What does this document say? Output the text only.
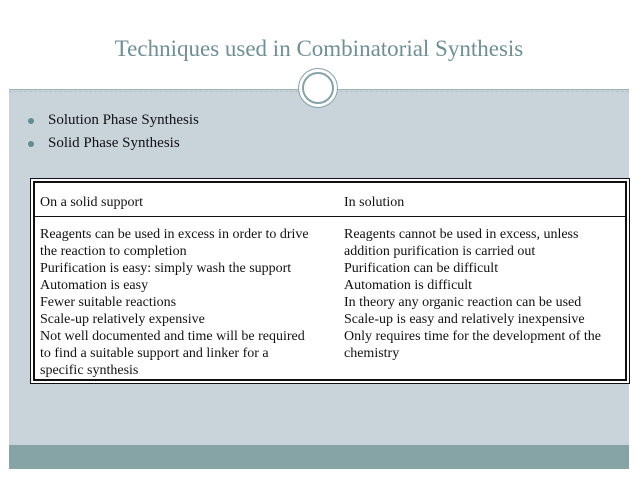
Techniques used in Combinatorial Synthesis
Solution Phase Synthesis
Solid Phase Synthesis
On a solid support
Reagents can be used in excess in order to drive
the reaction to completion
Purification is easy: simply wash the support
Automation is easy
Fewer suitable reactions
Scale-up relatively expensive
Not well documented and time will be required
to find a suitable support and linker for a
specific synthesis
In solution
Reagents cannot be used in excess, unless
addition purification is carried out
Purification can be difficult
Automation is difficult
In theory any organic reaction can be used
Scale-up is easy and relatively inexpensive
Only requires time for the development of the
chemistry
